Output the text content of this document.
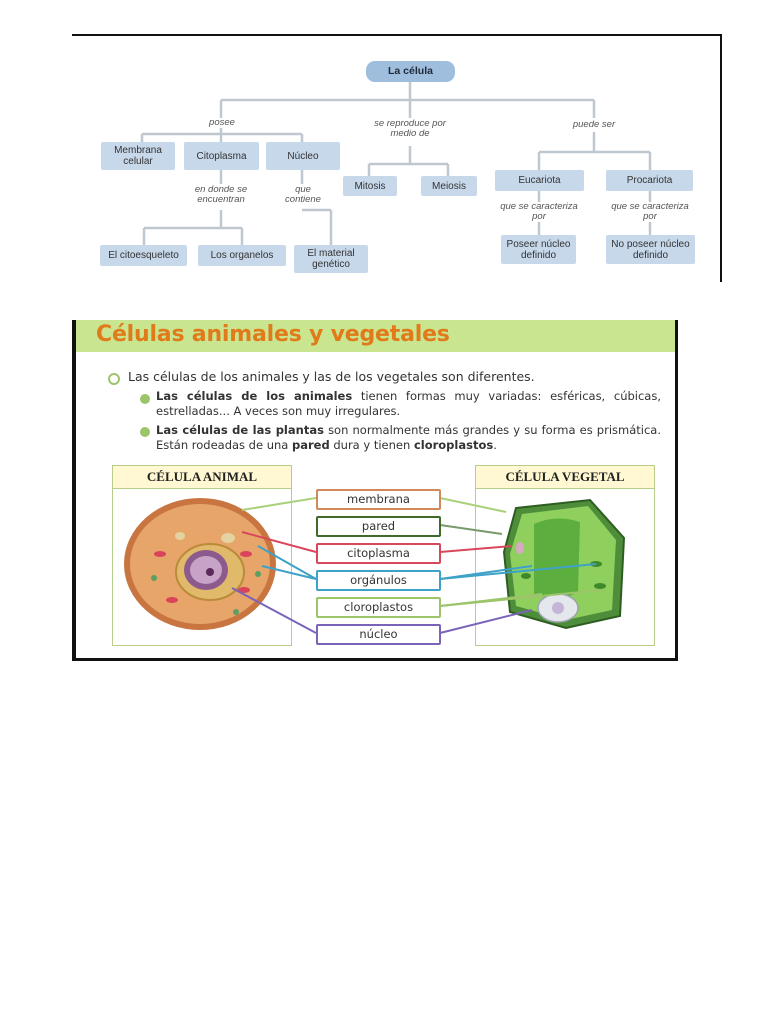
La célula
posee	se reproduce por medio de
puede ser
Membrana celular	Citoplasma	Núcleo
Mitosis	Meiosis	Eucariota	Procariota
en donde se encuentran
que contiene
que se caracteriza por
que se caracteriza por
El citoesqueleto	Los organelos	El material genético
Poseer núcleo definido
No poseer núcleo definido
Células animales y vegetales
Las células de los animales y las de los vegetales son diferentes.
Las células de los animales tienen formas muy variadas: esféricas, cúbicas, estrelladas... A veces son muy irregulares.
Las células de las plantas son normalmente más grandes y su forma es prismática. Están rodeadas de una pared dura y tienen cloroplastos.
CÉLULA ANIMAL	CÉLULA VEGETAL
membrana
pared
citoplasma
orgánulos
cloroplastos
núcleo
